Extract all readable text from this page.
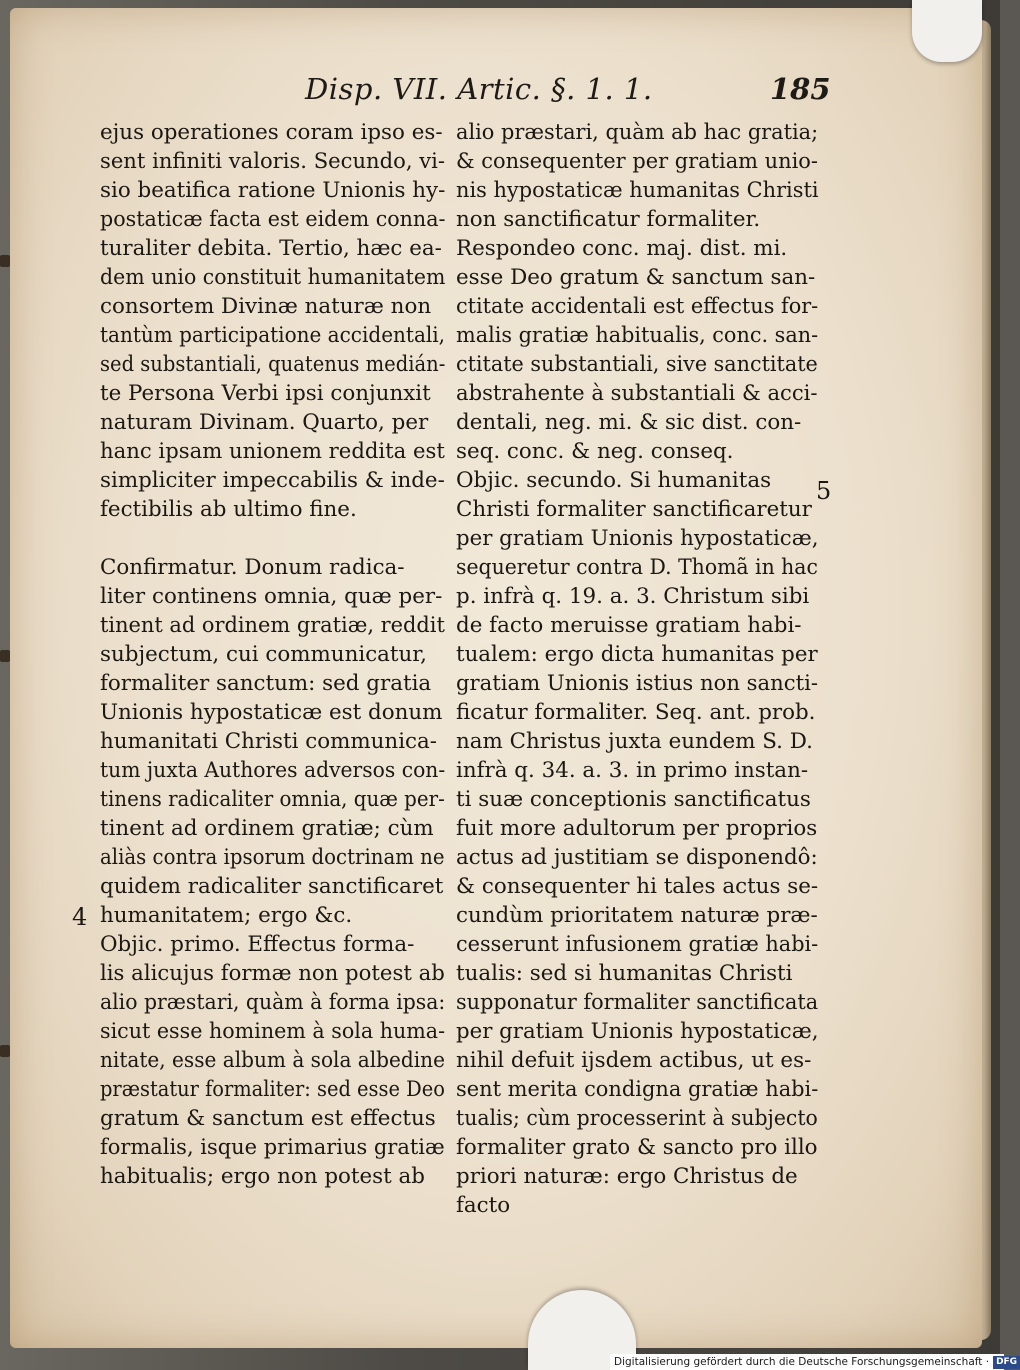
Disp. VII. Artic. §. 1. 1.	185
5
4
ejus operationes coram ipso es-
sent infiniti valoris. Secundo, vi-
sio beatifica ratione Unionis hy-
postaticæ facta est eidem conna-
turaliter debita. Tertio, hæc ea-
dem unio constituit humanitatem
consortem Divinæ naturæ non
tantùm participatione accidentali,
sed substantiali, quatenus medián-
te Persona Verbi ipsi conjunxit
naturam Divinam. Quarto, per
hanc ipsam unionem reddita est
simpliciter impeccabilis & inde-
fectibilis ab ultimo fine.
Confirmatur. Donum radica-
liter continens omnia, quæ per-
tinent ad ordinem gratiæ, reddit
subjectum, cui communicatur,
formaliter sanctum: sed gratia
Unionis hypostaticæ est donum
humanitati Christi communica-
tum juxta Authores adversos con-
tinens radicaliter omnia, quæ per-
tinent ad ordinem gratiæ; cùm
aliàs contra ipsorum doctrinam ne
quidem radicaliter sanctificaret
humanitatem; ergo &c.
Objic. primo. Effectus forma-
lis alicujus formæ non potest ab
alio præstari, quàm à forma ipsa:
sicut esse hominem à sola huma-
nitate, esse album à sola albedine
præstatur formaliter: sed esse Deo
gratum & sanctum est effectus
formalis, isque primarius gratiæ
habitualis; ergo non potest ab
alio præstari, quàm ab hac gratia;
& consequenter per gratiam unio-
nis hypostaticæ humanitas Christi
non sanctificatur formaliter.
Respondeo conc. maj. dist. mi.
esse Deo gratum & sanctum san-
ctitate accidentali est effectus for-
malis gratiæ habitualis, conc. san-
ctitate substantiali, sive sanctitate
abstrahente à substantiali & acci-
dentali, neg. mi. & sic dist. con-
seq. conc. & neg. conseq.
Objic. secundo. Si humanitas
Christi formaliter sanctificaretur
per gratiam Unionis hypostaticæ,
sequeretur contra D. Thomã in hac
p. infrà q. 19. a. 3. Christum sibi
de facto meruisse gratiam habi-
tualem: ergo dicta humanitas per
gratiam Unionis istius non sancti-
ficatur formaliter. Seq. ant. prob.
nam Christus juxta eundem S. D.
infrà q. 34. a. 3. in primo instan-
ti suæ conceptionis sanctificatus
fuit more adultorum per proprios
actus ad justitiam se disponendô:
& consequenter hi tales actus se-
cundùm prioritatem naturæ præ-
cesserunt infusionem gratiæ habi-
tualis: sed si humanitas Christi
supponatur formaliter sanctificata
per gratiam Unionis hypostaticæ,
nihil defuit ijsdem actibus, ut es-
sent merita condigna gratiæ habi-
tualis; cùm processerint à subjecto
formaliter grato & sancto pro illo
priori naturæ: ergo Christus de
facto
Digitalisierung gefördert durch die Deutsche Forschungsgemeinschaft · DFG
